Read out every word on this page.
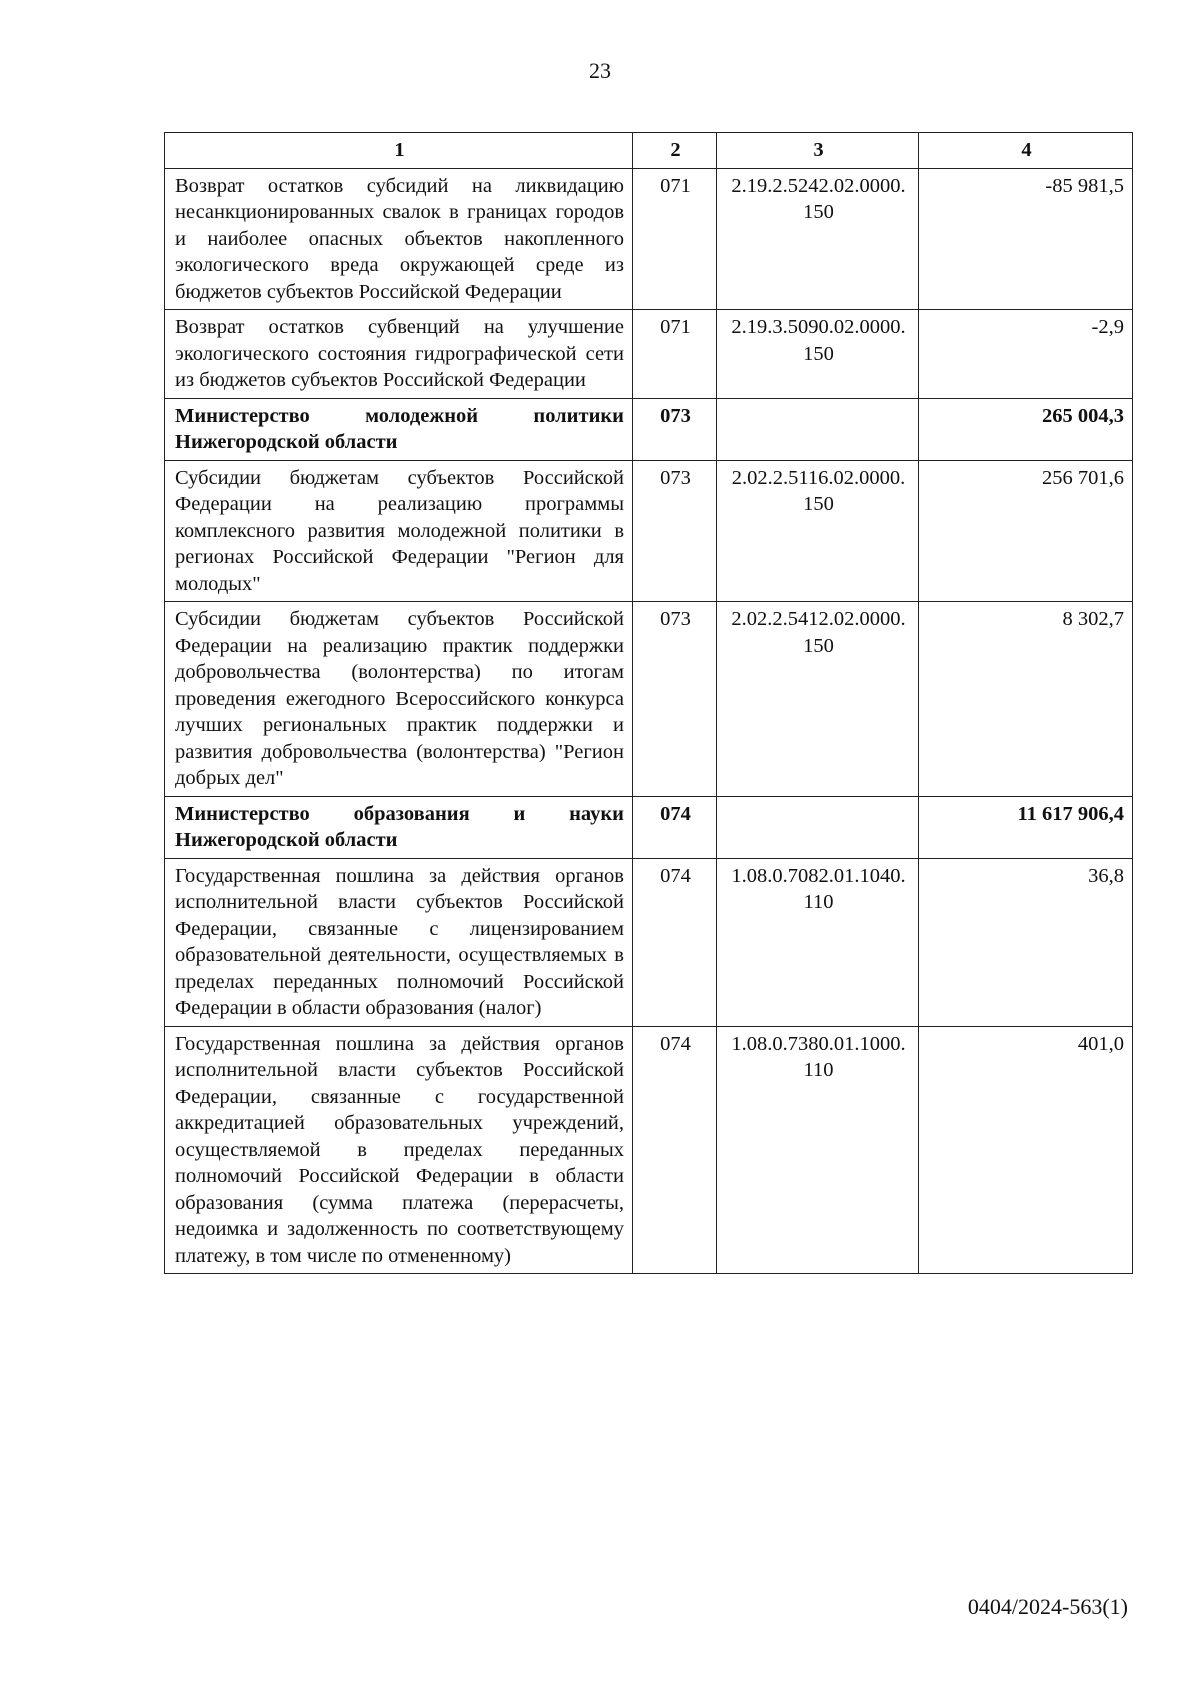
23
1	2	3	4
Возврат остатков субсидий на ликвидацию несанкционированных свалок в границах городов и наиболее опасных объектов накопленного экологического вреда окружающей среде из бюджетов субъектов Российской Федерации	071	2.19.2.5242.02.0000. 150	-85 981,5
Возврат остатков субвенций на улучшение экологического состояния гидрографической сети из бюджетов субъектов Российской Федерации	071	2.19.3.5090.02.0000. 150	-2,9
Министерство молодежной политики Нижегородской области	073		265 004,3
Субсидии бюджетам субъектов Российской Федерации на реализацию программы комплексного развития молодежной политики в регионах Российской Федерации "Регион для молодых"	073	2.02.2.5116.02.0000. 150	256 701,6
Субсидии бюджетам субъектов Российской Федерации на реализацию практик поддержки добровольчества (волонтерства) по итогам проведения ежегодного Всероссийского конкурса лучших региональных практик поддержки и развития добровольчества (волонтерства) "Регион добрых дел"	073	2.02.2.5412.02.0000. 150	8 302,7
Министерство образования и науки Нижегородской области	074		11 617 906,4
Государственная пошлина за действия органов исполнительной власти субъектов Российской Федерации, связанные с лицензированием образовательной деятельности, осуществляемых в пределах переданных полномочий Российской Федерации в области образования (налог)	074	1.08.0.7082.01.1040. 110	36,8
Государственная пошлина за действия органов исполнительной власти субъектов Российской Федерации, связанные с государственной аккредитацией образовательных учреждений, осуществляемой в пределах переданных полномочий Российской Федерации в области образования (сумма платежа (перерасчеты, недоимка и задолженность по соответствующему платежу, в том числе по отмененному)	074	1.08.0.7380.01.1000. 110	401,0
0404/2024-563(1)
